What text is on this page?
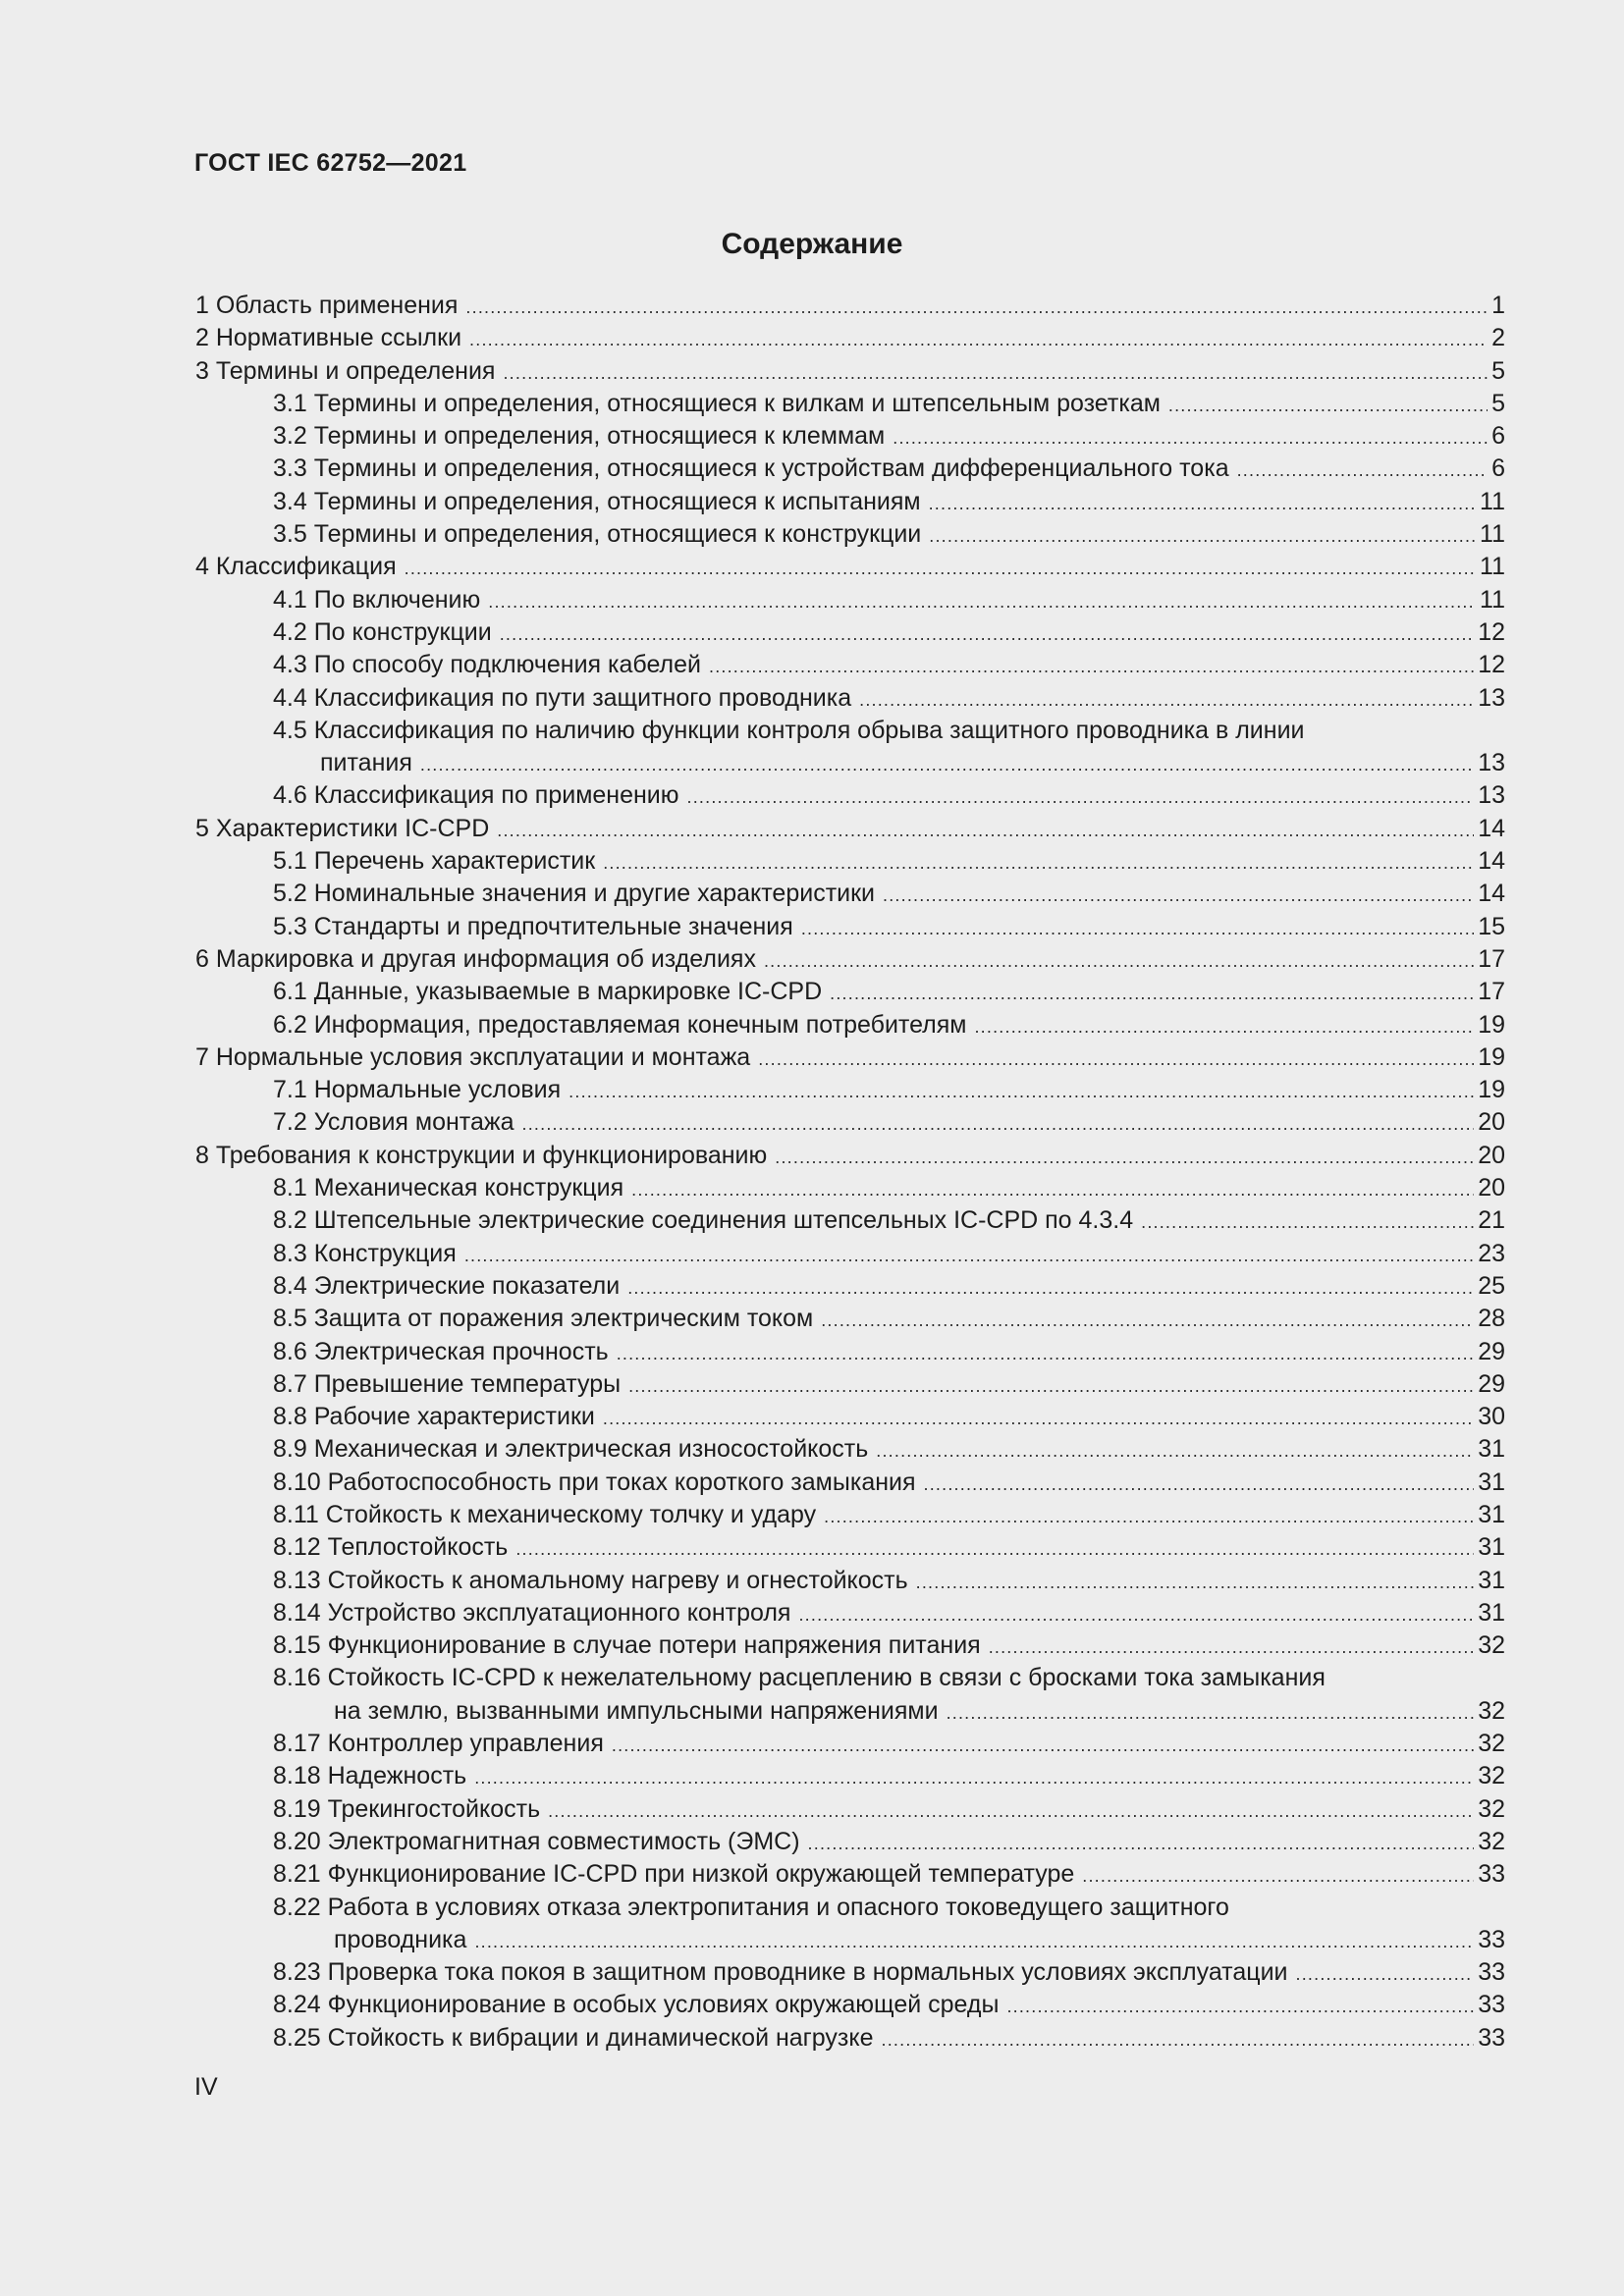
ГОСТ IEC 62752—2021
Содержание
1 Область применения .....	1
2 Нормативные ссылки .....	2
3 Термины и определения .....	5
3.1 Термины и определения, относящиеся к вилкам и штепсельным розеткам .....	5
3.2 Термины и определения, относящиеся к клеммам .....	6
3.3 Термины и определения, относящиеся к устройствам дифференциального тока .....	6
3.4 Термины и определения, относящиеся к испытаниям .....	11
3.5 Термины и определения, относящиеся к конструкции .....	11
4 Классификация .....	11
4.1 По включению .....	11
4.2 По конструкции .....	12
4.3 По способу подключения кабелей .....	12
4.4 Классификация по пути защитного проводника .....	13
4.5 Классификация по наличию функции контроля обрыва защитного проводника в линии
питания .....	13
4.6 Классификация по применению .....	13
5 Характеристики IC-CPD .....	14
5.1 Перечень характеристик .....	14
5.2 Номинальные значения и другие характеристики .....	14
5.3 Стандарты и предпочтительные значения .....	15
6 Маркировка и другая информация об изделиях .....	17
6.1 Данные, указываемые в маркировке IC-CPD .....	17
6.2 Информация, предоставляемая конечным потребителям .....	19
7 Нормальные условия эксплуатации и монтажа .....	19
7.1 Нормальные условия .....	19
7.2 Условия монтажа .....	20
8 Требования к конструкции и функционированию .....	20
8.1 Механическая конструкция .....	20
8.2 Штепсельные электрические соединения штепсельных IC-CPD по 4.3.4 .....	21
8.3 Конструкция .....	23
8.4 Электрические показатели .....	25
8.5 Защита от поражения электрическим током .....	28
8.6 Электрическая прочность .....	29
8.7 Превышение температуры .....	29
8.8 Рабочие характеристики .....	30
8.9 Механическая и электрическая износостойкость .....	31
8.10 Работоспособность при токах короткого замыкания .....	31
8.11 Стойкость к механическому толчку и удару .....	31
8.12 Теплостойкость .....	31
8.13 Стойкость к аномальному нагреву и огнестойкость .....	31
8.14 Устройство эксплуатационного контроля .....	31
8.15 Функционирование в случае потери напряжения питания .....	32
8.16 Стойкость IC-CPD к нежелательному расцеплению в связи с бросками тока замыкания
на землю, вызванными импульсными напряжениями .....	32
8.17 Контроллер управления .....	32
8.18 Надежность .....	32
8.19 Трекингостойкость .....	32
8.20 Электромагнитная совместимость (ЭМС) .....	32
8.21 Функционирование IC-CPD при низкой окружающей температуре .....	33
8.22 Работа в условиях отказа электропитания и опасного токоведущего защитного
проводника .....	33
8.23 Проверка тока покоя в защитном проводнике в нормальных условиях эксплуатации .....	33
8.24 Функционирование в особых условиях окружающей среды .....	33
8.25 Стойкость к вибрации и динамической нагрузке .....	33
IV
